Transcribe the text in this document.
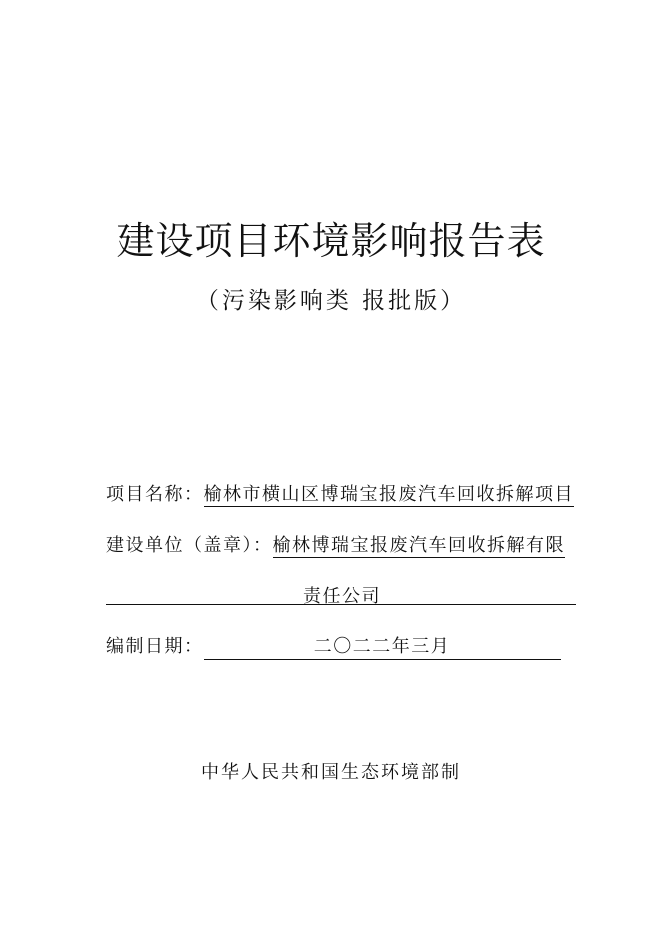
建设项目环境影响报告表
（污染影响类 报批版）
项目名称：榆林市横山区博瑞宝报废汽车回收拆解项目
建设单位（盖章）：榆林博瑞宝报废汽车回收拆解有限
责任公司
编制日期：	二〇二二年三月
中华人民共和国生态环境部制
